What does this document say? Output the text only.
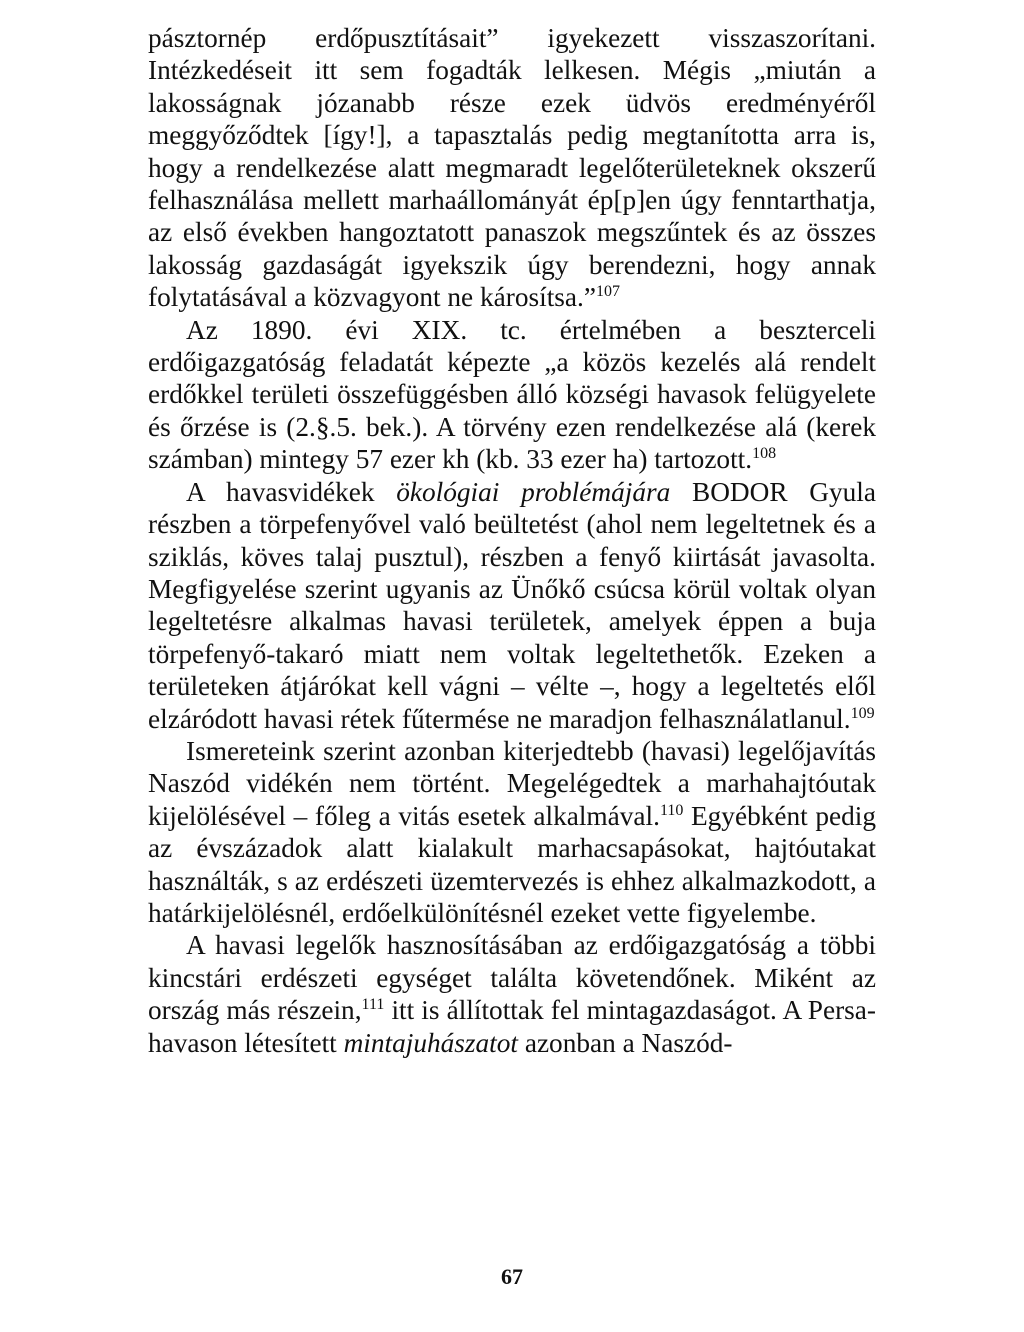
pásztornép erdőpusztításait” igyekezett visszaszorítani. Intézkedéseit itt sem fogadták lelkesen. Mégis „miután a lakosságnak józanabb része ezek üdvös eredményéről meggyőződtek [így!], a tapasztalás pedig megtanította arra is, hogy a rendelkezése alatt megmaradt legelőterületeknek okszerű felhasználása mellett marhaállományát ép[p]en úgy fenntarthatja, az első években hangoztatott panaszok megszűntek és az összes lakosság gazdaságát igyekszik úgy berendezni, hogy annak folytatásával a közvagyont ne károsítsa.”$^{107}$

Az 1890. évi XIX. tc. értelmében a beszterceli erdőigazgatóság feladatát képezte „a közös kezelés alá rendelt erdőkkel területi összefüggésben álló községi havasok felügyelete és őrzése is (2.§.5. bek.). A törvény ezen rendelkezése alá (kerek számban) mintegy 57 ezer kh (kb. 33 ezer ha) tartozott.$^{108}$

A havasvidékek ökológiai problémájára BODOR Gyula részben a törpefenyővel való beültetést (ahol nem legeltetnek és a sziklás, köves talaj pusztul), részben a fenyő kiirtását javasolta. Megfigyelése szerint ugyanis az Ünőkő csúcsa körül voltak olyan legeltetésre alkalmas havasi területek, amelyek éppen a buja törpefenyő-takaró miatt nem voltak legeltethetők. Ezeken a területeken átjárókat kell vágni – vélte –, hogy a legeltetés elől elzáródott havasi rétek fűtermése ne maradjon felhasználatlanul.$^{109}$

Ismereteink szerint azonban kiterjedtebb (havasi) legelőjavítás Naszód vidékén nem történt. Megelégedtek a marhahajtóutak kijelölésével – főleg a vitás esetek alkalmával.$^{110}$ Egyébként pedig az évszázadok alatt kialakult marhacsapásokat, hajtóutakat használták, s az erdészeti üzemtervezés is ehhez alkalmazkodott, a határkijelölésnél, erdőelkülönítésnél ezeket vette figyelembe.

A havasi legelők hasznosításában az erdőigazgatóság a többi kincstári erdészeti egységet találta követendőnek. Miként az ország más részein,$^{111}$ itt is állítottak fel mintagazdaságot. A Persa-havason létesített mintajuhászatot azonban a Naszód-

67
